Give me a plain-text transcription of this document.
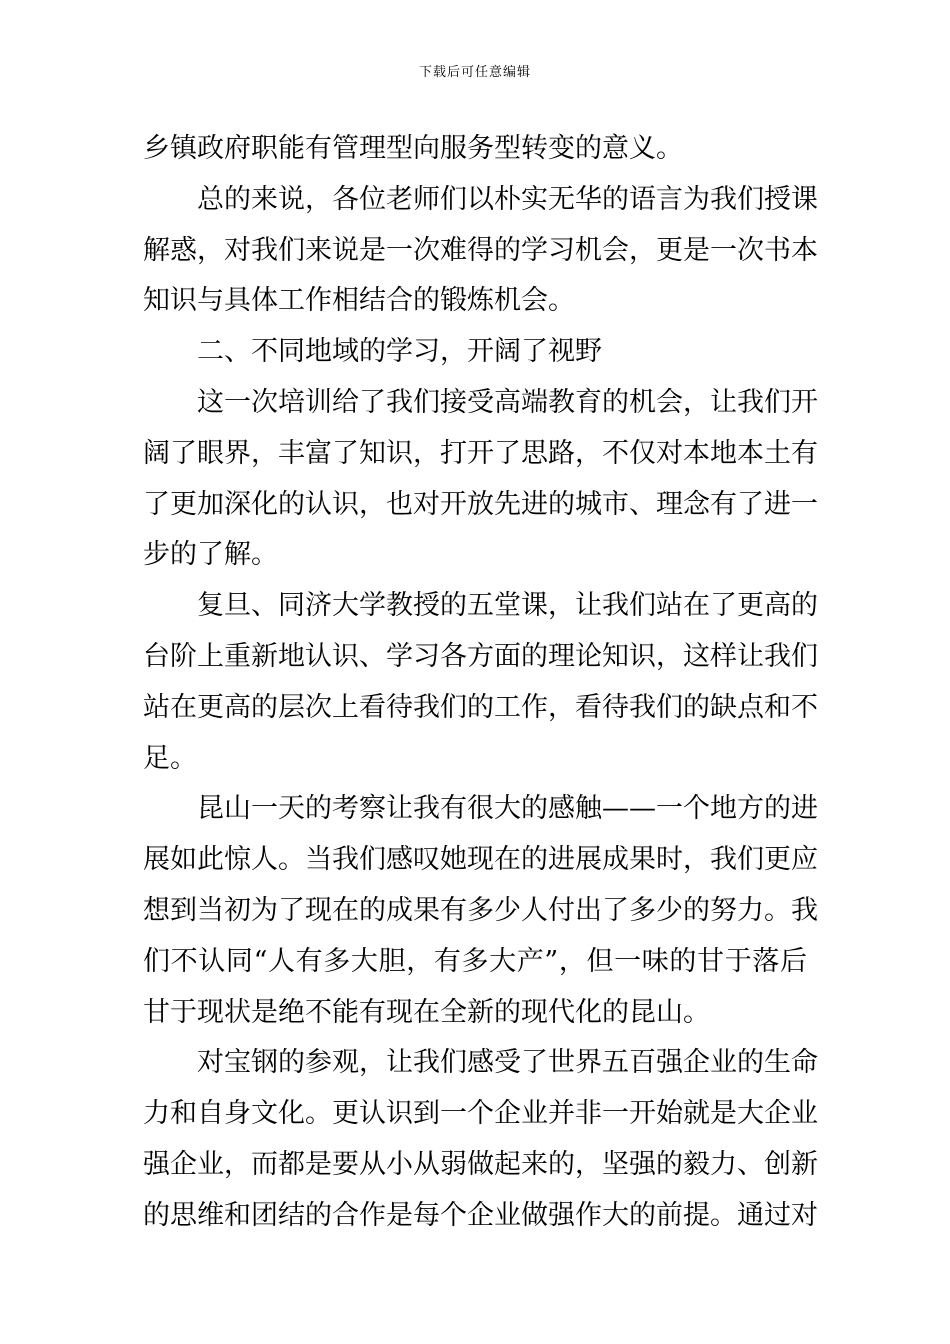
下载后可任意编辑
乡镇政府职能有管理型向服务型转变的意义。
总的来说，各位老师们以朴实无华的语言为我们授课
解惑，对我们来说是一次难得的学习机会，更是一次书本
知识与具体工作相结合的锻炼机会。
二、不同地域的学习，开阔了视野
这一次培训给了我们接受高端教育的机会，让我们开
阔了眼界，丰富了知识，打开了思路，不仅对本地本土有
了更加深化的认识，也对开放先进的城市、理念有了进一
步的了解。
复旦、同济大学教授的五堂课，让我们站在了更高的
台阶上重新地认识、学习各方面的理论知识，这样让我们
站在更高的层次上看待我们的工作，看待我们的缺点和不
足。
昆山一天的考察让我有很大的感触——一个地方的进
展如此惊人。当我们感叹她现在的进展成果时，我们更应
想到当初为了现在的成果有多少人付出了多少的努力。我
们不认同“人有多大胆，有多大产”，但一味的甘于落后
甘于现状是绝不能有现在全新的现代化的昆山。
对宝钢的参观，让我们感受了世界五百强企业的生命
力和自身文化。更认识到一个企业并非一开始就是大企业
强企业，而都是要从小从弱做起来的，坚强的毅力、创新
的思维和团结的合作是每个企业做强作大的前提。通过对
